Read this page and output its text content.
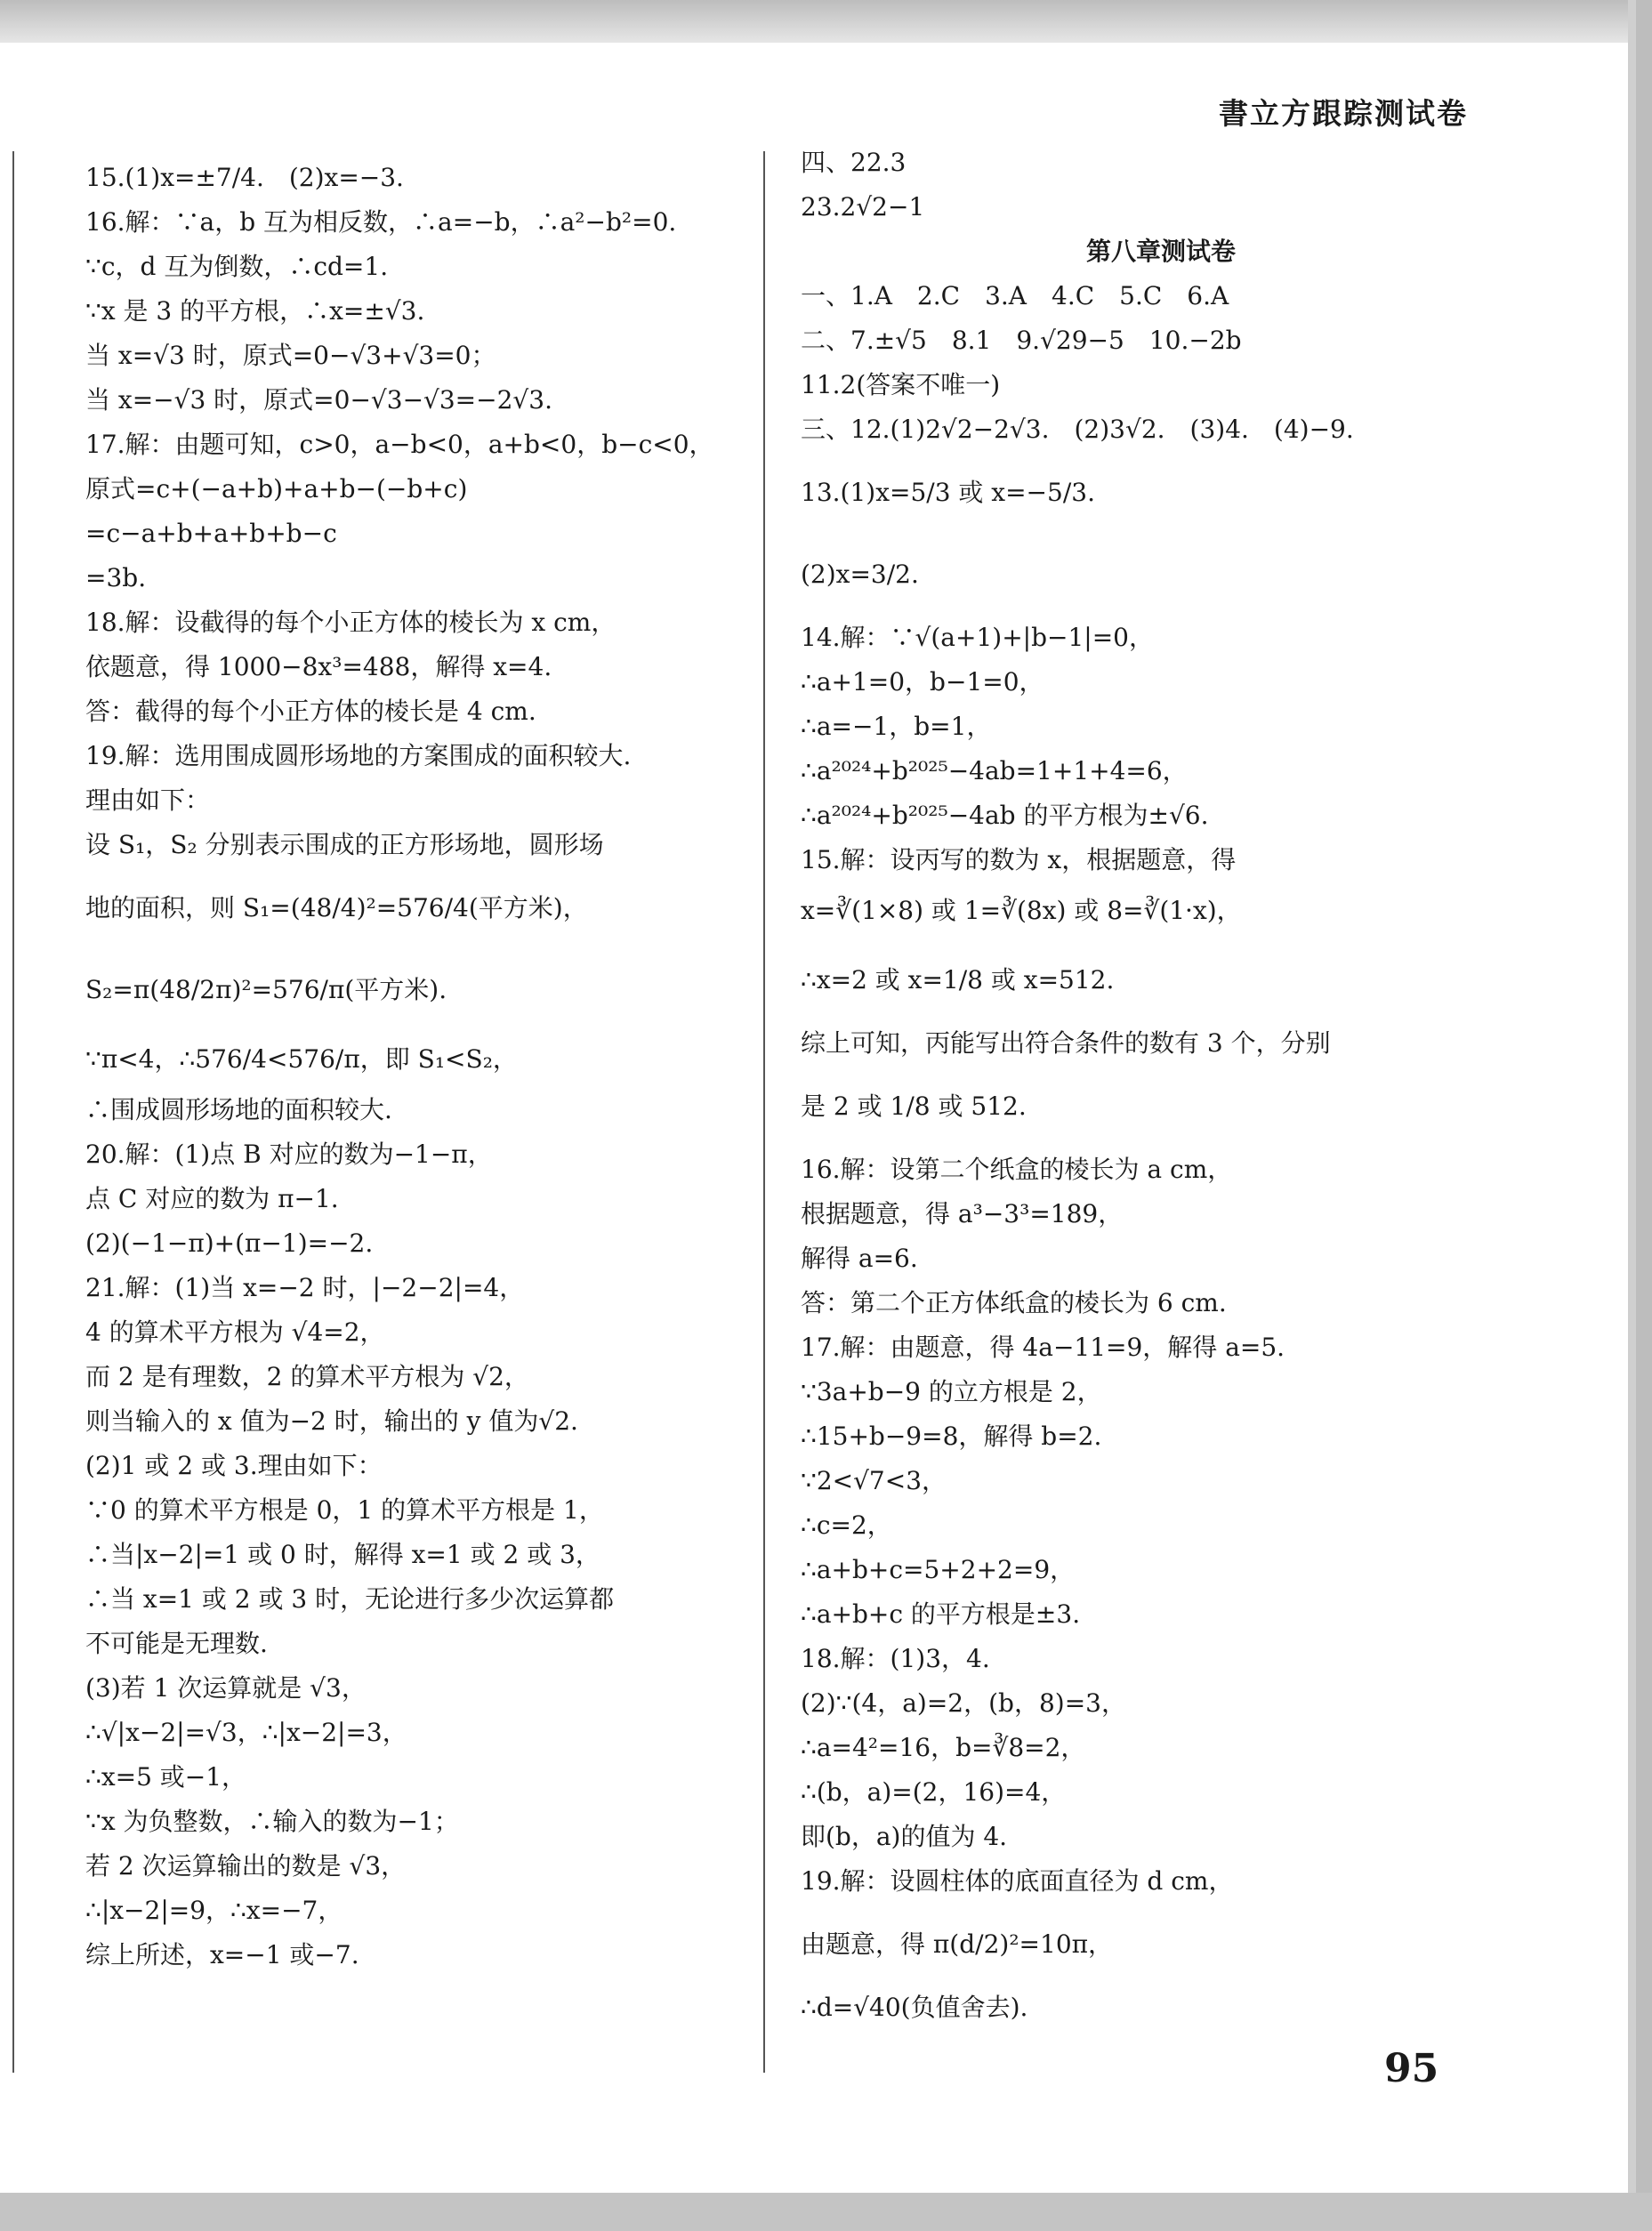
書立方跟踪测试卷
15.(1)x=±7/4.　(2)x=−3.
16.解：∵a，b 互为相反数，∴a=−b，∴a²−b²=0.
∵c，d 互为倒数，∴cd=1.
∵x 是 3 的平方根，∴x=±√3.
当 x=√3 时，原式=0−√3+√3=0；
当 x=−√3 时，原式=0−√3−√3=−2√3.
17.解：由题可知，c>0，a−b<0，a+b<0，b−c<0，
原式=c+(−a+b)+a+b−(−b+c)
=c−a+b+a+b+b−c
=3b.
18.解：设截得的每个小正方体的棱长为 x cm，
依题意，得 1000−8x³=488，解得 x=4.
答：截得的每个小正方体的棱长是 4 cm.
19.解：选用围成圆形场地的方案围成的面积较大.
理由如下：
设 S₁，S₂ 分别表示围成的正方形场地，圆形场
地的面积，则 S₁=(48/4)²=576/4(平方米)，
S₂=π(48/2π)²=576/π(平方米).
∵π<4，∴576/4<576/π，即 S₁<S₂，
∴围成圆形场地的面积较大.
20.解：(1)点 B 对应的数为−1−π，
点 C 对应的数为 π−1.
(2)(−1−π)+(π−1)=−2.
21.解：(1)当 x=−2 时，|−2−2|=4，
4 的算术平方根为 √4=2，
而 2 是有理数，2 的算术平方根为 √2，
则当输入的 x 值为−2 时，输出的 y 值为√2.
(2)1 或 2 或 3.理由如下：
∵0 的算术平方根是 0，1 的算术平方根是 1，
∴当|x−2|=1 或 0 时，解得 x=1 或 2 或 3，
∴当 x=1 或 2 或 3 时，无论进行多少次运算都
不可能是无理数.
(3)若 1 次运算就是 √3，
∴√|x−2|=√3，∴|x−2|=3，
∴x=5 或−1，
∵x 为负整数，∴输入的数为−1；
若 2 次运算输出的数是 √3，
∴|x−2|=9，∴x=−7，
综上所述，x=−1 或−7.
四、22.3
23.2√2−1
第八章测试卷
一、1.A　2.C　3.A　4.C　5.C　6.A
二、7.±√5　8.1　9.√29−5　10.−2b
11.2(答案不唯一)
三、12.(1)2√2−2√3.　(2)3√2.　(3)4.　(4)−9.
13.(1)x=5/3 或 x=−5/3.
(2)x=3/2.
14.解：∵√(a+1)+|b−1|=0，
∴a+1=0，b−1=0，
∴a=−1，b=1，
∴a²⁰²⁴+b²⁰²⁵−4ab=1+1+4=6，
∴a²⁰²⁴+b²⁰²⁵−4ab 的平方根为±√6.
15.解：设丙写的数为 x，根据题意，得
x=∛(1×8) 或 1=∛(8x) 或 8=∛(1·x)，
∴x=2 或 x=1/8 或 x=512.
综上可知，丙能写出符合条件的数有 3 个，分别
是 2 或 1/8 或 512.
16.解：设第二个纸盒的棱长为 a cm，
根据题意，得 a³−3³=189，
解得 a=6.
答：第二个正方体纸盒的棱长为 6 cm.
17.解：由题意，得 4a−11=9，解得 a=5.
∵3a+b−9 的立方根是 2，
∴15+b−9=8，解得 b=2.
∵2<√7<3，
∴c=2，
∴a+b+c=5+2+2=9，
∴a+b+c 的平方根是±3.
18.解：(1)3，4.
(2)∵(4，a)=2，(b，8)=3，
∴a=4²=16，b=∛8=2，
∴(b，a)=(2，16)=4，
即(b，a)的值为 4.
19.解：设圆柱体的底面直径为 d cm，
由题意，得 π(d/2)²=10π，
∴d=√40(负值舍去).
95
